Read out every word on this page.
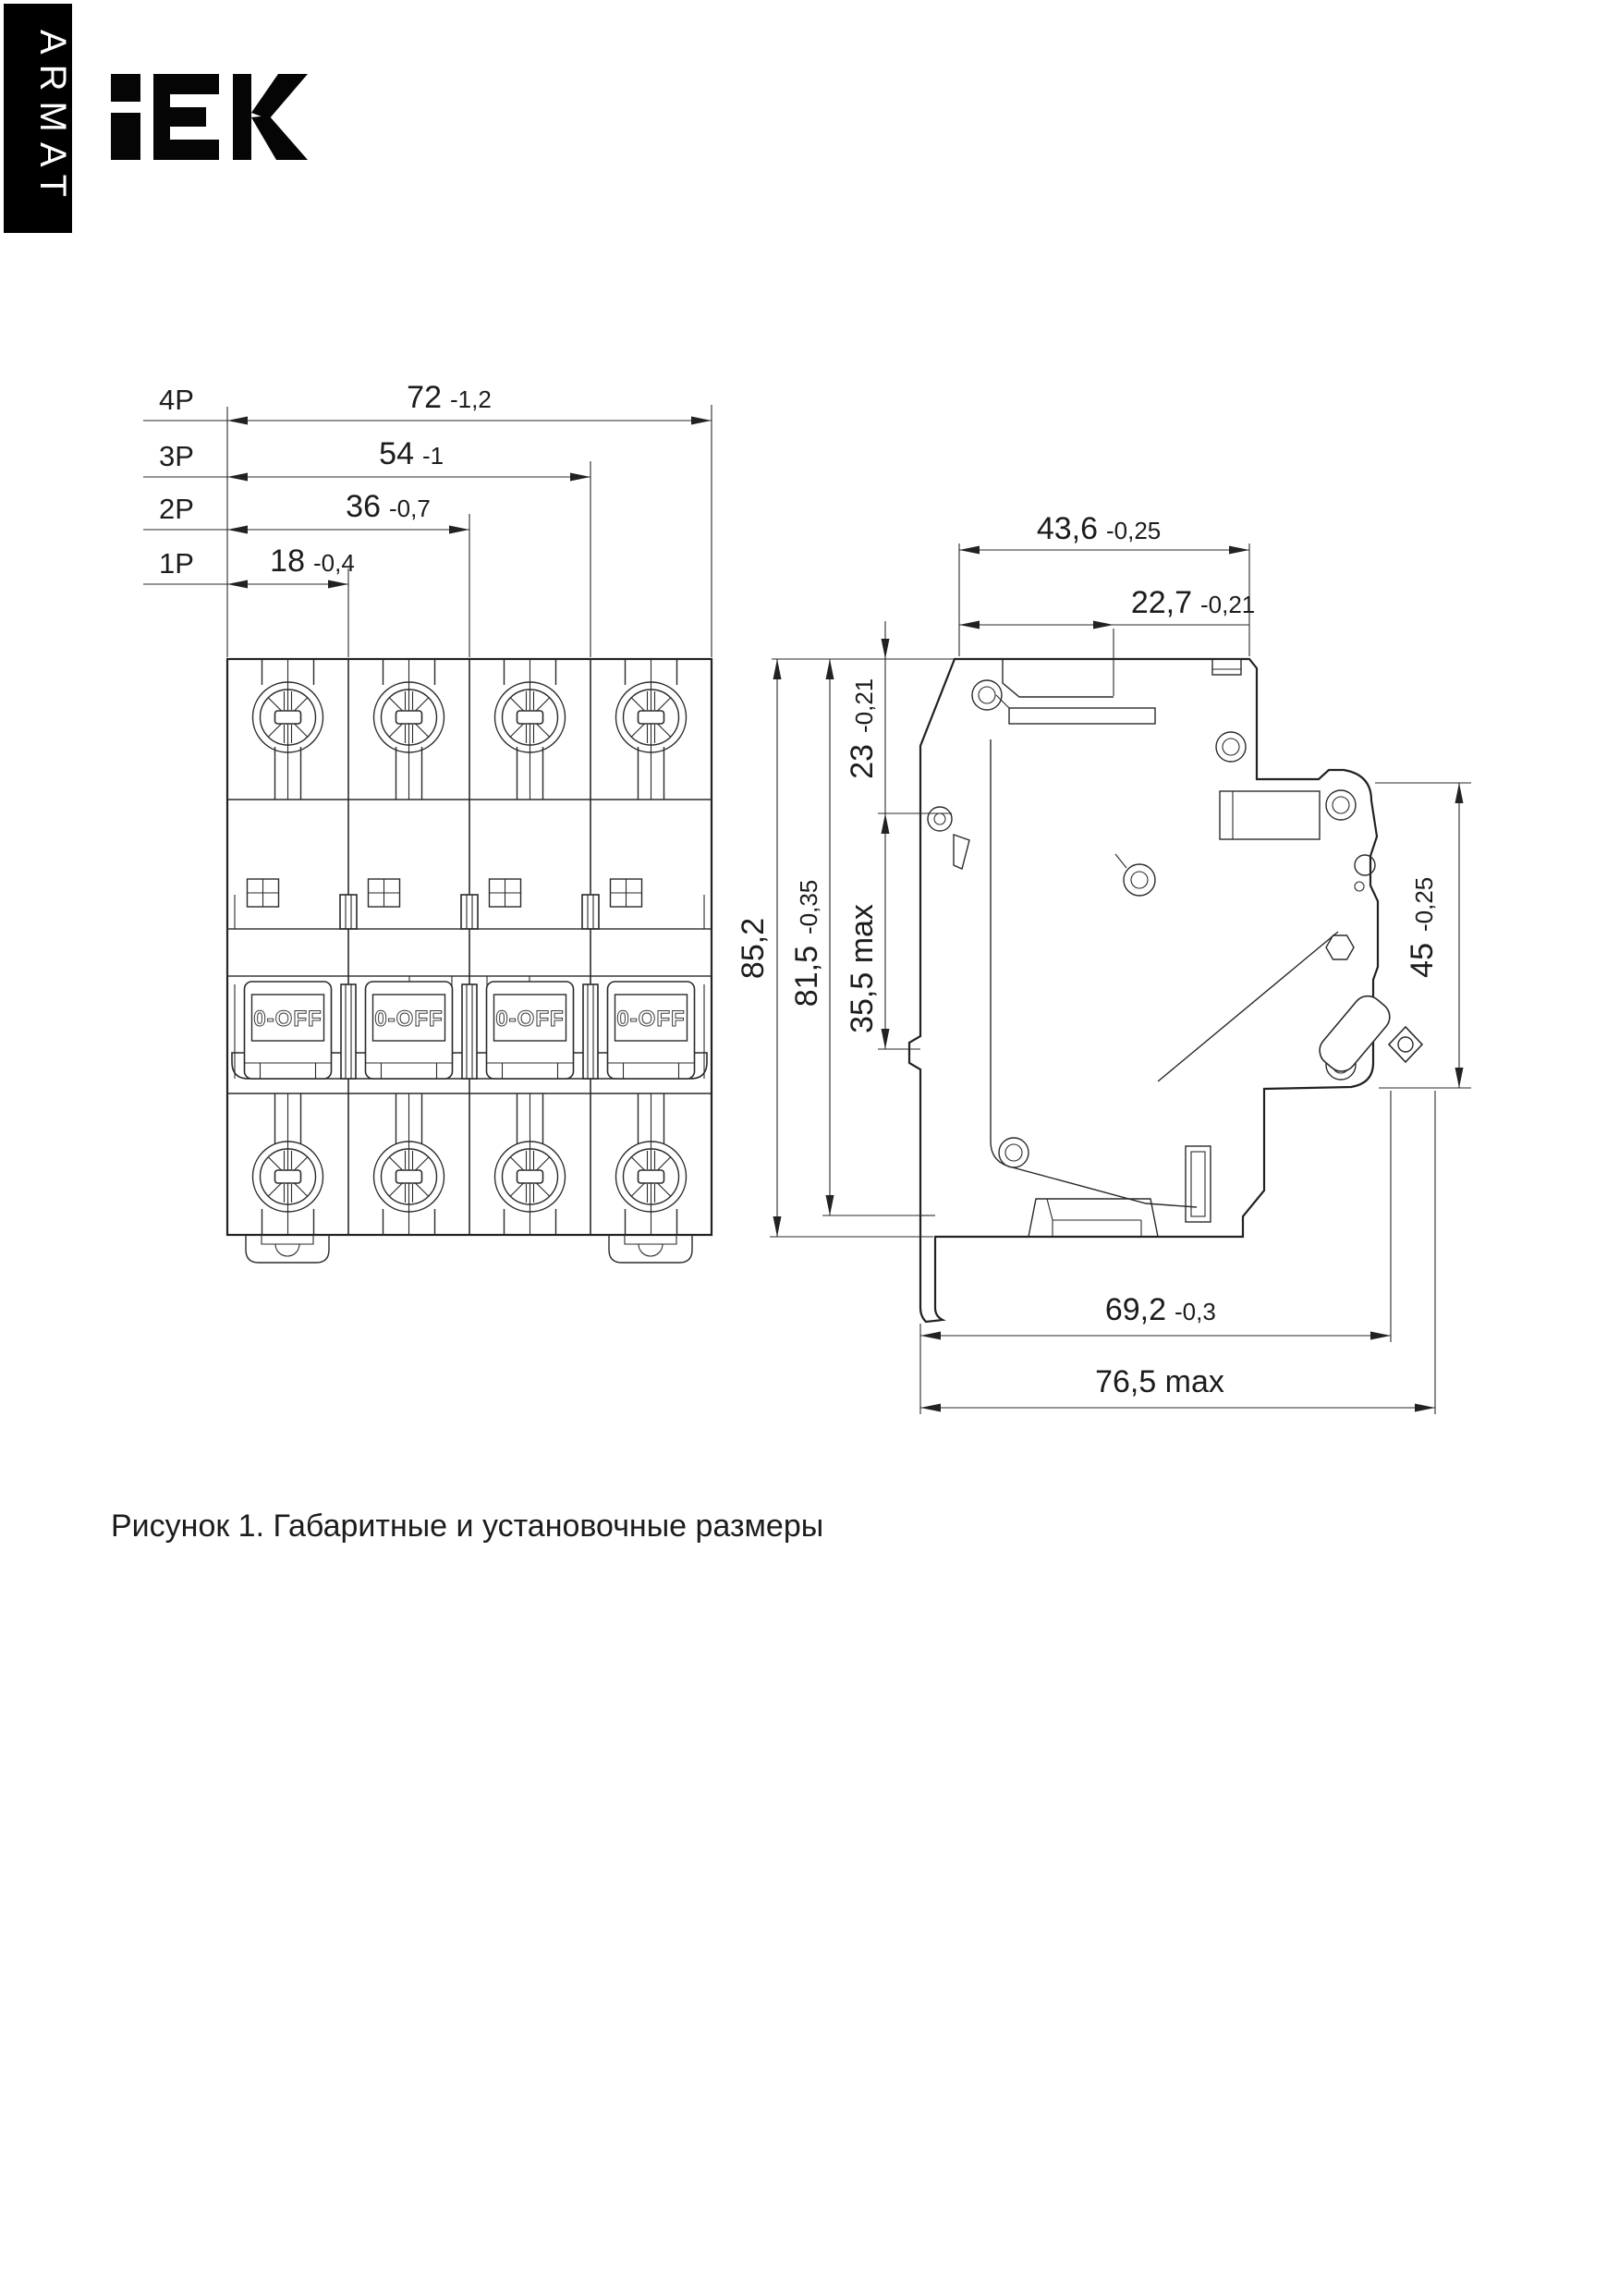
ARMAT
4P	72 -1,2
3P	54 -1
2P	36 -0,7
1P 18 -0,4
0-OFF 0-OFF 0-OFF 0-OFF
43,6 -0,25
22,7 -0,21
85,2 81,5
-0,35
23
-0,21
35,5 max	45
-0,25
69,2 -0,3
76,5 max
Рисунок 1. Габаритные и установочные размеры
